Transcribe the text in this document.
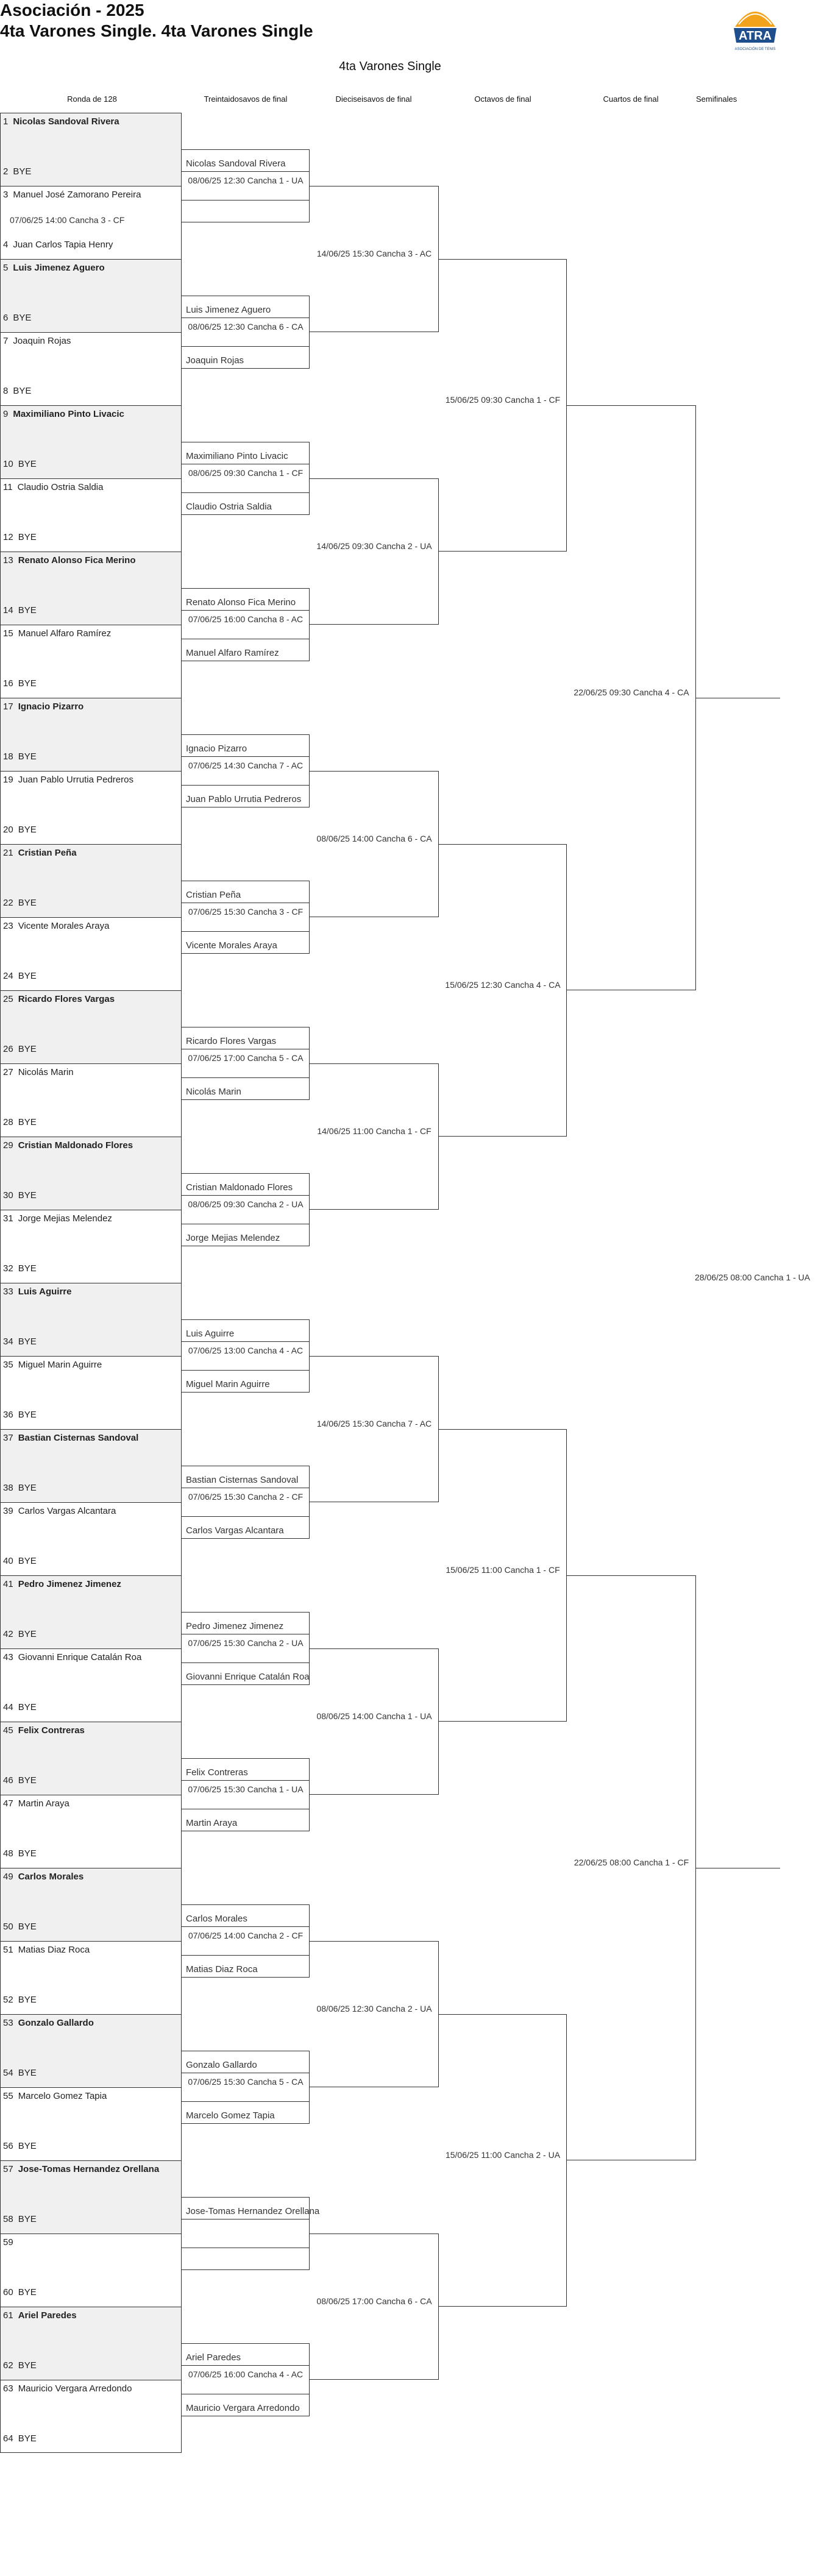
Asociación - 2025
4ta Varones Single. 4ta Varones Single	ATRA
ASOCIACIÓN DE TENIS
4ta Varones Single
Ronda de 128	Treintaidosavos de final	Dieciseisavos de final	Octavos de final	Cuartos de final	Semifinales
1 Nicolas Sandoval Rivera
2 BYE
3 Manuel José Zamorano Pereira
4 Juan Carlos Tapia Henry
07/06/25 14:00 Cancha 3 - CF
5 Luis Jimenez Aguero
6 BYE
7 Joaquin Rojas
8 BYE
9 Maximiliano Pinto Livacic
10 BYE
11 Claudio Ostria Saldia
12 BYE
13 Renato Alonso Fica Merino
14 BYE
15 Manuel Alfaro Ramírez
16 BYE
17 Ignacio Pizarro
18 BYE
19 Juan Pablo Urrutia Pedreros
20 BYE
21 Cristian Peña
22 BYE
23 Vicente Morales Araya
24 BYE
25 Ricardo Flores Vargas
26 BYE
27 Nicolás Marin
28 BYE
29 Cristian Maldonado Flores
30 BYE
31 Jorge Mejias Melendez
32 BYE
33 Luis Aguirre
34 BYE
35 Miguel Marin Aguirre
36 BYE
37 Bastian Cisternas Sandoval
38 BYE
39 Carlos Vargas Alcantara
40 BYE
41 Pedro Jimenez Jimenez
42 BYE
43 Giovanni Enrique Catalán Roa
44 BYE
45 Felix Contreras
46 BYE
47 Martin Araya
48 BYE
49 Carlos Morales
50 BYE
51 Matias Diaz Roca
52 BYE
53 Gonzalo Gallardo
54 BYE
55 Marcelo Gomez Tapia
56 BYE
57 Jose-Tomas Hernandez Orellana
58 BYE
59
60 BYE
61 Ariel Paredes
62 BYE
63 Mauricio Vergara Arredondo
64 BYE
Nicolas Sandoval Rivera
08/06/25 12:30 Cancha 1 - UA
Luis Jimenez Aguero
Joaquin Rojas
08/06/25 12:30 Cancha 6 - CA
Maximiliano Pinto Livacic
Claudio Ostria Saldia
08/06/25 09:30 Cancha 1 - CF
Renato Alonso Fica Merino
Manuel Alfaro Ramírez
07/06/25 16:00 Cancha 8 - AC
Ignacio Pizarro
Juan Pablo Urrutia Pedreros
07/06/25 14:30 Cancha 7 - AC
Cristian Peña
Vicente Morales Araya
07/06/25 15:30 Cancha 3 - CF
Ricardo Flores Vargas
Nicolás Marin
07/06/25 17:00 Cancha 5 - CA
Cristian Maldonado Flores
Jorge Mejias Melendez
08/06/25 09:30 Cancha 2 - UA
Luis Aguirre
Miguel Marin Aguirre
07/06/25 13:00 Cancha 4 - AC
Bastian Cisternas Sandoval
Carlos Vargas Alcantara
07/06/25 15:30 Cancha 2 - CF
Pedro Jimenez Jimenez
Giovanni Enrique Catalán Roa
07/06/25 15:30 Cancha 2 - UA
Felix Contreras
Martin Araya
07/06/25 15:30 Cancha 1 - UA
Carlos Morales
Matias Diaz Roca
07/06/25 14:00 Cancha 2 - CF
Gonzalo Gallardo
Marcelo Gomez Tapia
07/06/25 15:30 Cancha 5 - CA
Jose-Tomas Hernandez Orellana
Ariel Paredes
Mauricio Vergara Arredondo
07/06/25 16:00 Cancha 4 - AC
14/06/25 15:30 Cancha 3 - AC
14/06/25 09:30 Cancha 2 - UA
08/06/25 14:00 Cancha 6 - CA
14/06/25 11:00 Cancha 1 - CF
14/06/25 15:30 Cancha 7 - AC
08/06/25 14:00 Cancha 1 - UA
08/06/25 12:30 Cancha 2 - UA
08/06/25 17:00 Cancha 6 - CA
15/06/25 09:30 Cancha 1 - CF
15/06/25 12:30 Cancha 4 - CA
15/06/25 11:00 Cancha 1 - CF
15/06/25 11:00 Cancha 2 - UA
22/06/25 09:30 Cancha 4 - CA
22/06/25 08:00 Cancha 1 - CF
28/06/25 08:00 Cancha 1 - UA
